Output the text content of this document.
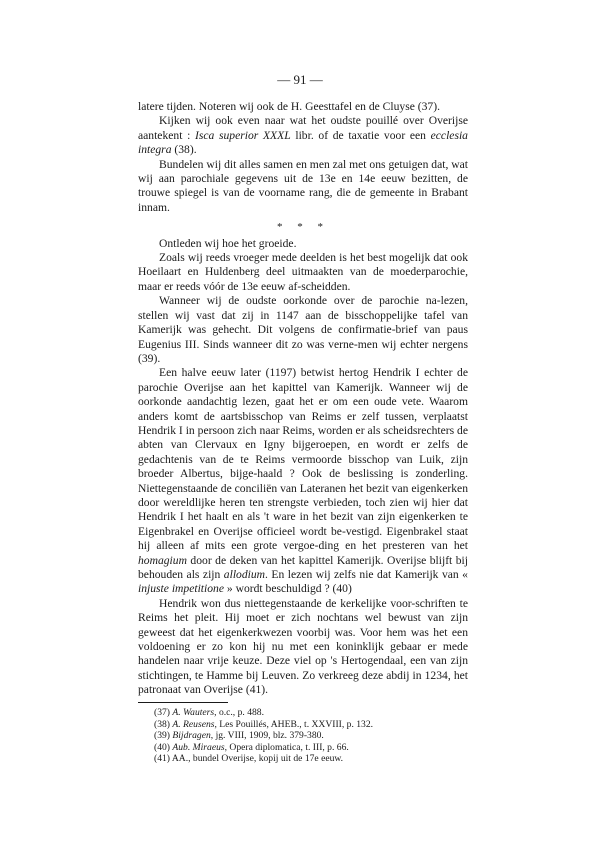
— 91 —

latere tijden. Noteren wij ook de H. Geesttafel en de Cluyse (37).

Kijken wij ook even naar wat het oudste pouillé over Overijse aantekent : Isca superior XXXL libr. of de taxatie voor een ecclesia integra (38).

Bundelen wij dit alles samen en men zal met ons getuigen dat, wat wij aan parochiale gegevens uit de 13e en 14e eeuw bezitten, de trouwe spiegel is van de voorname rang, die de gemeente in Brabant innam.

* * *

Ontleden wij hoe het groeide.

Zoals wij reeds vroeger mede deelden is het best mogelijk dat ook Hoeilaart en Huldenberg deel uitmaakten van de moederparochie, maar er reeds vóór de 13e eeuw af-scheidden.

Wanneer wij de oudste oorkonde over de parochie na-lezen, stellen wij vast dat zij in 1147 aan de bisschoppelijke tafel van Kamerijk was gehecht. Dit volgens de confirmatie-brief van paus Eugenius III. Sinds wanneer dit zo was verne-men wij echter nergens (39).

Een halve eeuw later (1197) betwist hertog Hendrik I echter de parochie Overijse aan het kapittel van Kamerijk. Wanneer wij de oorkonde aandachtig lezen, gaat het er om een oude vete. Waarom anders komt de aartsbisschop van Reims er zelf tussen, verplaatst Hendrik I in persoon zich naar Reims, worden er als scheidsrechters de abten van Clervaux en Igny bijgeroepen, en wordt er zelfs de gedachtenis van de te Reims vermoorde bisschop van Luik, zijn broeder Albertus, bijge-haald ? Ook de beslissing is zonderling. Niettegenstaande de conciliën van Lateranen het bezit van eigenkerken door wereldlijke heren ten strengste verbieden, toch zien wij hier dat Hendrik I het haalt en als 't ware in het bezit van zijn eigenkerken te Eigenbrakel en Overijse officieel wordt be-vestigd. Eigenbrakel staat hij alleen af mits een grote vergoe-ding en het presteren van het homagium door de deken van het kapittel Kamerijk. Overijse blijft bij behouden als zijn allodium. En lezen wij zelfs nie dat Kamerijk van « injuste impetitione » wordt beschuldigd ? (40)

Hendrik won dus niettegenstaande de kerkelijke voor-schriften te Reims het pleit. Hij moet er zich nochtans wel bewust van zijn geweest dat het eigenkerkwezen voorbij was. Voor hem was het een voldoening er zo kon hij nu met een koninklijk gebaar er mede handelen naar vrije keuze. Deze viel op 's Hertogendaal, een van zijn stichtingen, te Hamme bij Leuven. Zo verkreeg deze abdij in 1234, het patronaat van Overijse (41).

(37) A. Wauters, o.c., p. 488.
(38) A. Reusens, Les Pouillés, AHEB., t. XXVIII, p. 132.
(39) Bijdragen, jg. VIII, 1909, blz. 379-380.
(40) Aub. Miraeus, Opera diplomatica, t. III, p. 66.
(41) AA., bundel Overijse, kopij uit de 17e eeuw.
